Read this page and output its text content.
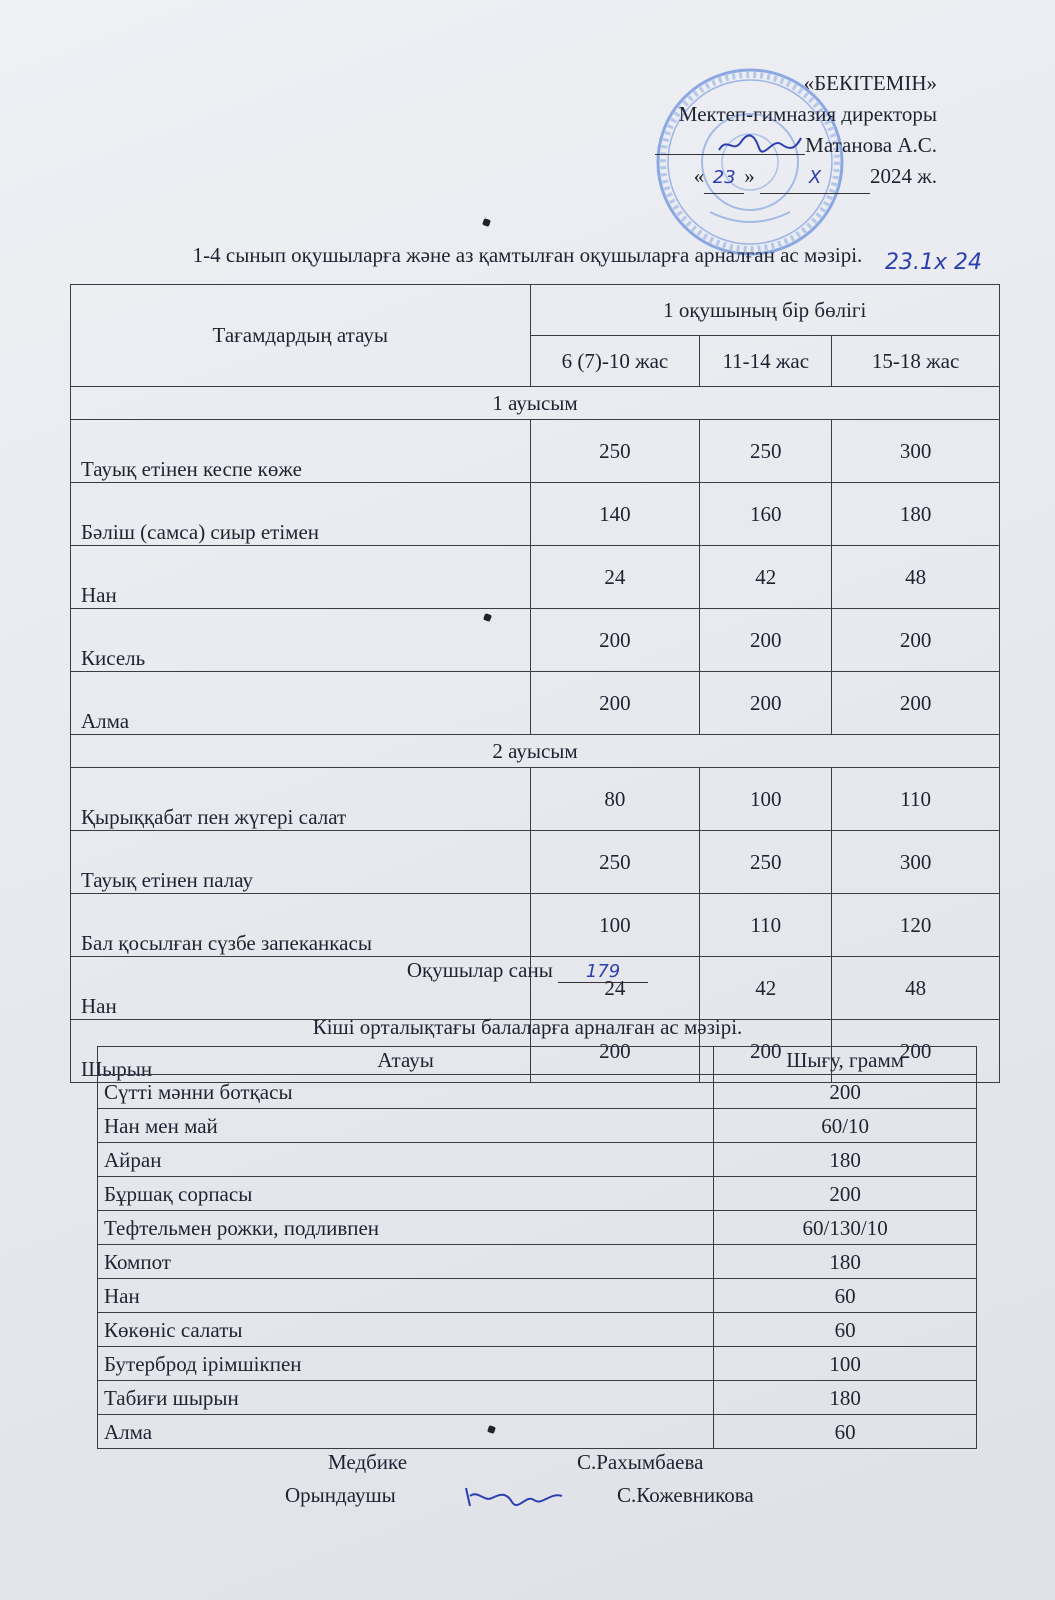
«БЕКІТЕМІН»
Мектеп-гимназия директоры
Матанова А.С.
« 23 »	X 2024 ж.
23.1х 24
1-4 сынып оқушыларға және аз қамтылған оқушыларға арналған ас мәзірі.
Тағамдардың атауы	1 оқушының бір бөлігі		
	6 (7)-10 жас	11-14 жас	15-18 жас
1 ауысым			
Тауық етінен кеспе көже	250	250	300
Бәліш (самса) сиыр етімен	140	160	180
Нан	24	42	48
Кисель	200	200	200
Алма	200	200	200
2 ауысым			
Қырыққабат пен жүгері салат	80	100	110
Тауық етінен палау	250	250	300
Бал қосылған сүзбе запеканкасы	100	110	120
Нан	24	42	48
Шырын	200	200	200
Оқушылар саны 179
Кіші орталықтағы балаларға арналған ас мәзірі.
Атауы	Шығу, грамм
Сүтті мәнни ботқасы	200
Нан мен май	60/10
Айран	180
Бұршақ сорпасы	200
Тефтельмен рожки, подливпен	60/130/10
Компот	180
Нан	60
Көкөніс салаты	60
Бутерброд ірімшікпен	100
Табиғи шырын	180
Алма	60
Медбике	С.Рахымбаева
Орындаушы	С.Кожевникова
